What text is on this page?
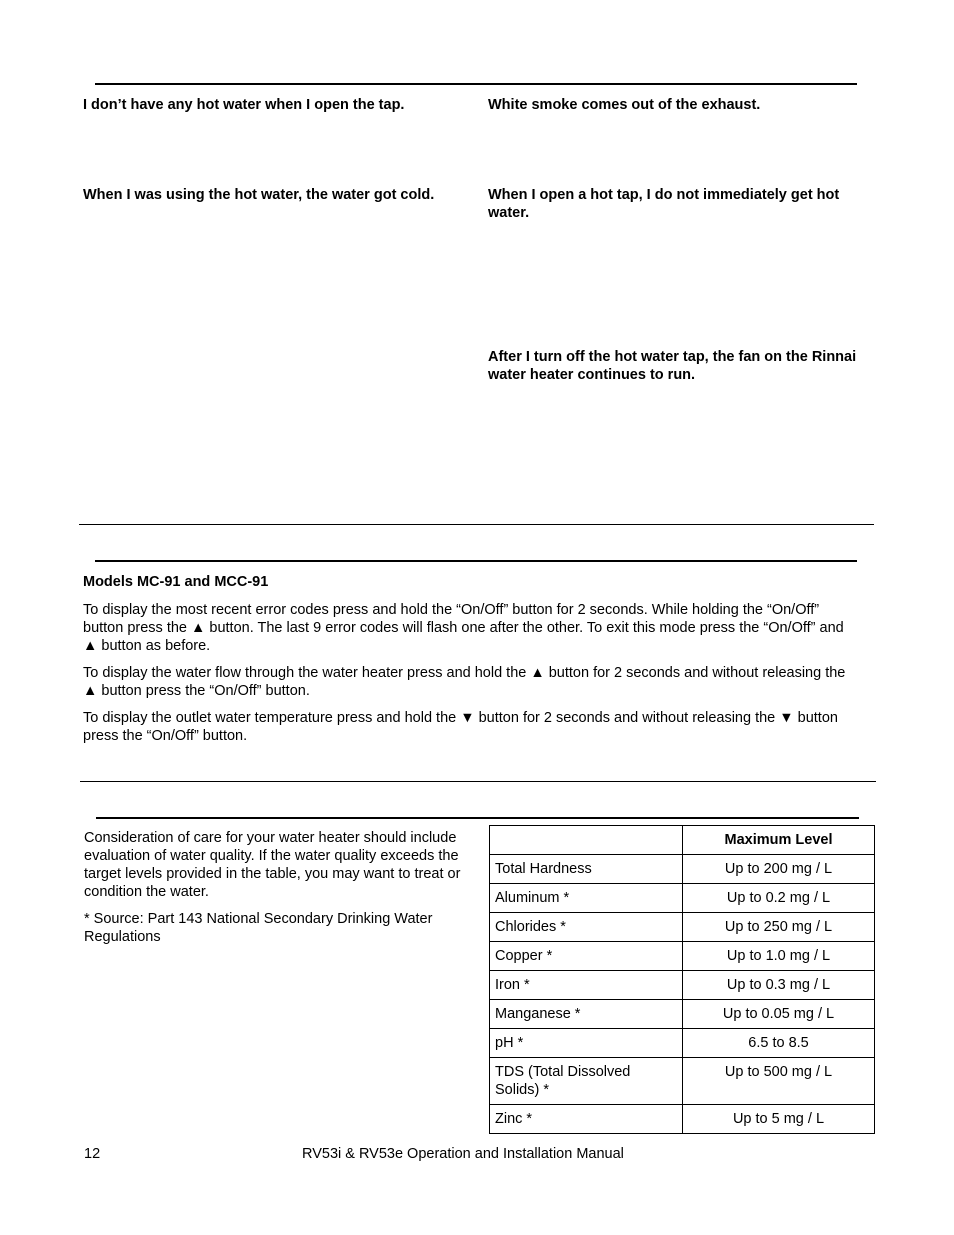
I don’t have any hot water when I open the tap.	White smoke comes out of the exhaust.
When I was using the hot water, the water got cold.	When I open a hot tap, I do not immediately get hot water.
After I turn off the hot water tap, the fan on the Rinnai water heater continues to run.
Models MC-91 and MCC-91

To display the most recent error codes press and hold the “On/Off” button for 2 seconds. While holding the “On/Off” button press the ▲ button. The last 9 error codes will flash one after the other. To exit this mode press the “On/Off” and ▲ button as before.

To display the water flow through the water heater press and hold the ▲ button for 2 seconds and without releasing the ▲ button press the “On/Off” button.

To display the outlet water temperature press and hold the ▼ button for 2 seconds and without releasing the ▼ button press the “On/Off” button.

Consideration of care for your water heater should include evaluation of water quality. If the water quality exceeds the target levels provided in the table, you may want to treat or condition the water.

* Source: Part 143 National Secondary Drinking Water Regulations

	Maximum Level
Total Hardness	Up to 200 mg / L
Aluminum *	Up to 0.2 mg / L
Chlorides *	Up to 250 mg / L
Copper *	Up to 1.0 mg / L
Iron *	Up to 0.3 mg / L
Manganese *	Up to 0.05 mg / L
pH *	6.5 to 8.5
TDS (Total Dissolved Solids) *	Up to 500 mg / L
Zinc *	Up to 5 mg / L
12	RV53i & RV53e Operation and Installation Manual
